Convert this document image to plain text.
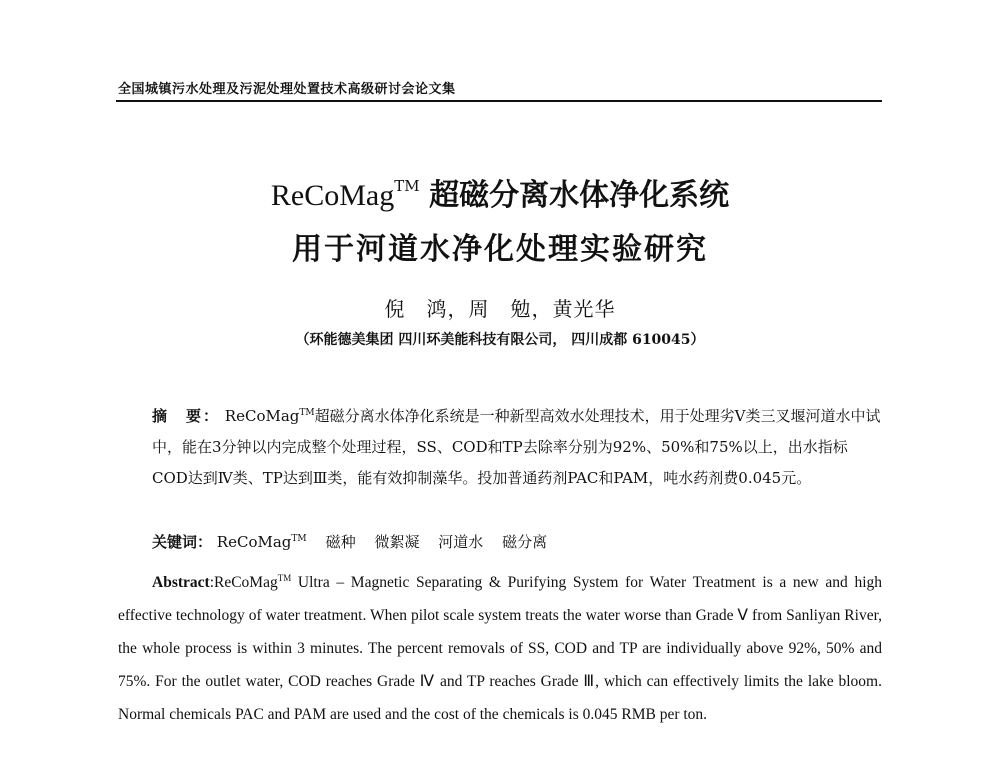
全国城镇污水处理及污泥处理处置技术高级研讨会论文集
ReCoMag™ 超磁分离水体净化系统
用于河道水净化处理实验研究
倪　鸿，周　勉，黄光华
（环能德美集团 四川环美能科技有限公司， 四川成都 610045）
摘　要： ReCoMag™超磁分离水体净化系统是一种新型高效水处理技术，用于处理劣Ⅴ类三叉堰河道水中试中，能在3分钟以内完成整个处理过程，SS、COD和TP去除率分别为92%、50%和75%以上，出水指标COD达到Ⅳ类、TP达到Ⅲ类，能有效抑制藻华。投加普通药剂PAC和PAM，吨水药剂费0.045元。
关键词： ReCoMag™ 磁种 微絮凝 河道水 磁分离
Abstract:ReCoMag™ Ultra – Magnetic Separating & Purifying System for Water Treatment is a new and high effective technology of water treatment. When pilot scale system treats the water worse than Grade Ⅴ from Sanliyan River, the whole process is within 3 minutes. The percent removals of SS, COD and TP are individually above 92%, 50% and 75%. For the outlet water, COD reaches Grade Ⅳ and TP reaches Grade Ⅲ, which can effectively limits the lake bloom. Normal chemicals PAC and PAM are used and the cost of the chemicals is 0.045 RMB per ton.
